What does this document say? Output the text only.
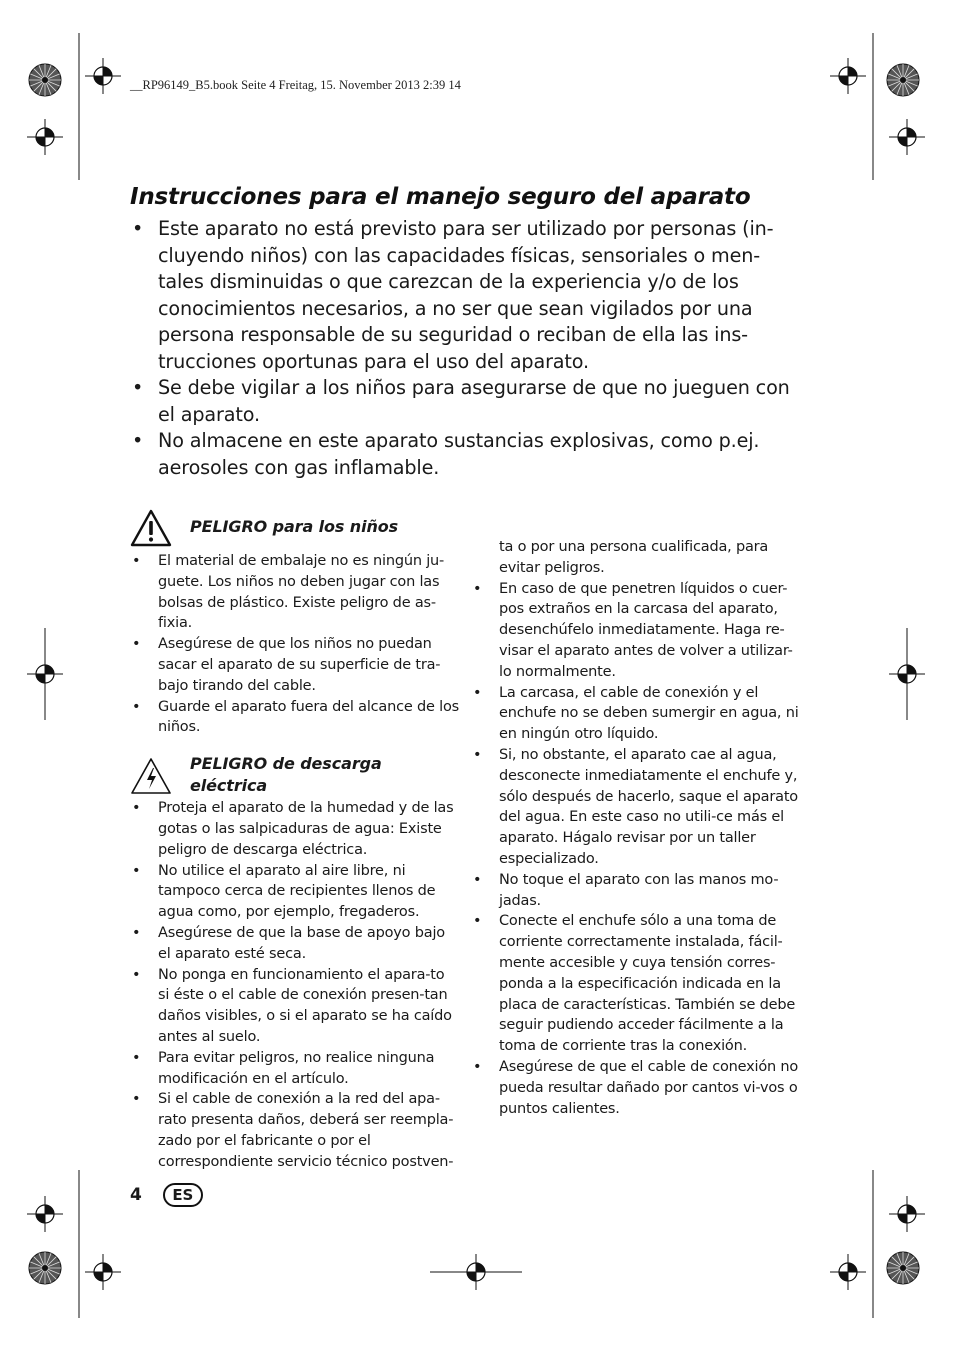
__RP96149_B5.book Seite 4 Freitag, 15. November 2013 2:39 14
Instrucciones para el manejo seguro del aparato
• Este aparato no está previsto para ser utilizado por personas (in-cluyendo niños) con las capacidades físicas, sensoriales o men-tales disminuidas o que carezcan de la experiencia y/o de los conocimientos necesarios, a no ser que sean vigilados por una persona responsable de su seguridad o reciban de ella las ins-trucciones oportunas para el uso del aparato.
• Se debe vigilar a los niños para asegurarse de que no jueguen con el aparato.
• No almacene en este aparato sustancias explosivas, como p.ej. aerosoles con gas inflamable.
PELIGRO para los niños
• El material de embalaje no es ningún ju-guete. Los niños no deben jugar con las bolsas de plástico. Existe peligro de as-fixia.
• Asegúrese de que los niños no puedan sacar el aparato de su superficie de tra-bajo tirando del cable.
• Guarde el aparato fuera del alcance de los niños.
PELIGRO de descarga eléctrica
• Proteja el aparato de la humedad y de las gotas o las salpicaduras de agua: Existe peligro de descarga eléctrica.
• No utilice el aparato al aire libre, ni tampoco cerca de recipientes llenos de agua como, por ejemplo, fregaderos.
• Asegúrese de que la base de apoyo bajo el aparato esté seca.
• No ponga en funcionamiento el apara-to si éste o el cable de conexión presen-tan daños visibles, o si el aparato se ha caído antes al suelo.
• Para evitar peligros, no realice ninguna modificación en el artículo.
• Si el cable de conexión a la red del apa-rato presenta daños, deberá ser reempla-zado por el fabricante o por el correspondiente servicio técnico postven-

ta o por una persona cualificada, para evitar peligros.

• En caso de que penetren líquidos o cuer-pos extraños en la carcasa del aparato, desenchúfelo inmediatamente. Haga re-visar el aparato antes de volver a utilizar-lo normalmente.
• La carcasa, el cable de conexión y el enchufe no se deben sumergir en agua, ni en ningún otro líquido.
• Si, no obstante, el aparato cae al agua, desconecte inmediatamente el enchufe y, sólo después de hacerlo, saque el aparato del agua. En este caso no utili-ce más el aparato. Hágalo revisar por un taller especializado.
• No toque el aparato con las manos mo-jadas.
• Conecte el enchufe sólo a una toma de corriente correctamente instalada, fácil-mente accesible y cuya tensión corres-ponda a la especificación indicada en la placa de características. También se debe seguir pudiendo acceder fácilmente a la toma de corriente tras la conexión.
• Asegúrese de que el cable de conexión no pueda resultar dañado por cantos vi-vos o puntos calientes.
4	ES
